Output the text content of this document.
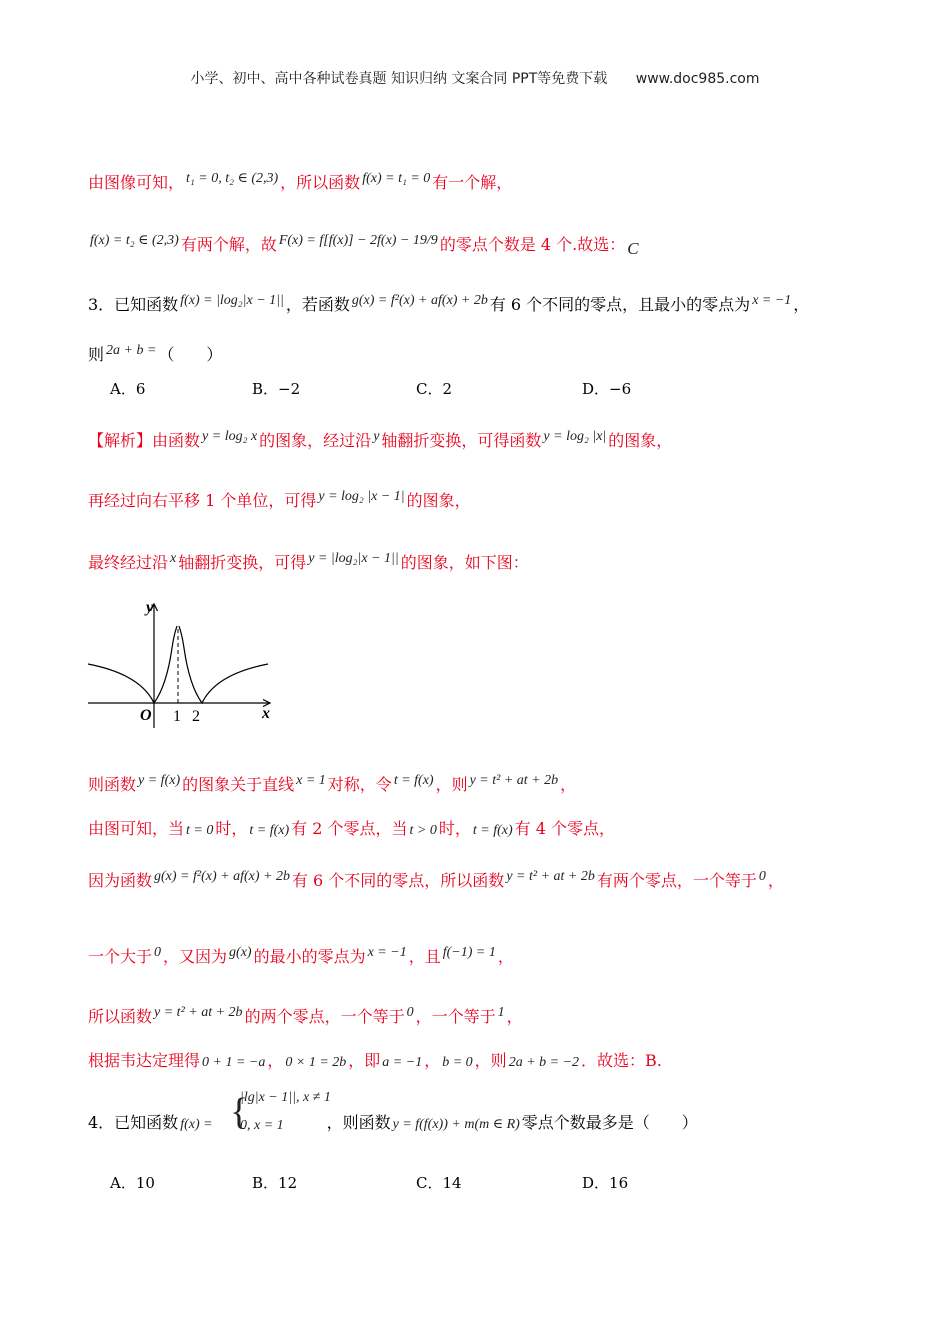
小学、初中、高中各种试卷真题 知识归纳 文案合同 PPT等免费下载 www.doc985.com
由图像可知， t₁ = 0, t₂ ∈ (2,3) ，所以函数 f(x) = t₁ = 0 有一个解，
f(x) = t₂ ∈ (2,3) 有两个解，故 F(x) = f[f(x)] − 2f(x) − 19/9 的零点个数是 4 个.故选： C
3．已知函数 f(x) = |log₂|x − 1|| ，若函数 g(x) = f²(x) + af(x) + 2b 有 6 个不同的零点，且最小的零点为 x = −1 ，
则 2a + b = （　　）
A．6	B．−2	C．2	D．−6
【解析】由函数 y = log₂ x 的图象，经过沿 y 轴翻折变换，可得函数 y = log₂ |x| 的图象，
再经过向右平移 1 个单位，可得 y = log₂ |x − 1| 的图象，
最终经过沿 x 轴翻折变换，可得 y = |log₂|x − 1|| 的图象，如下图：
y
x
O 1 2
则函数 y = f(x) 的图象关于直线 x = 1 对称，令 t = f(x) ，则 y = t² + at + 2b ，
由图可知，当 t = 0 时， t = f(x) 有 2 个零点，当 t > 0 时， t = f(x) 有 4 个零点，
因为函数 g(x) = f²(x) + af(x) + 2b 有 6 个不同的零点，所以函数 y = t² + at + 2b 有两个零点，一个等于 0 ，
一个大于 0 ，又因为 g(x) 的最小的零点为 x = −1 ，且 f(−1) = 1 ，
所以函数 y = t² + at + 2b 的两个零点，一个等于 0 ，一个等于 1 ，
根据韦达定理得 0 + 1 = −a ， 0 × 1 = 2b ，即 a = −1 ， b = 0 ，则 2a + b = −2 ．故选：B.
4．已知函数 f(x) =	，则函数 y = f(f(x)) + m(m ∈ R) 零点个数最多是（　　）
{
|lg|x − 1||, x ≠ 1
0, x = 1
A．10	B．12	C．14	D．16
